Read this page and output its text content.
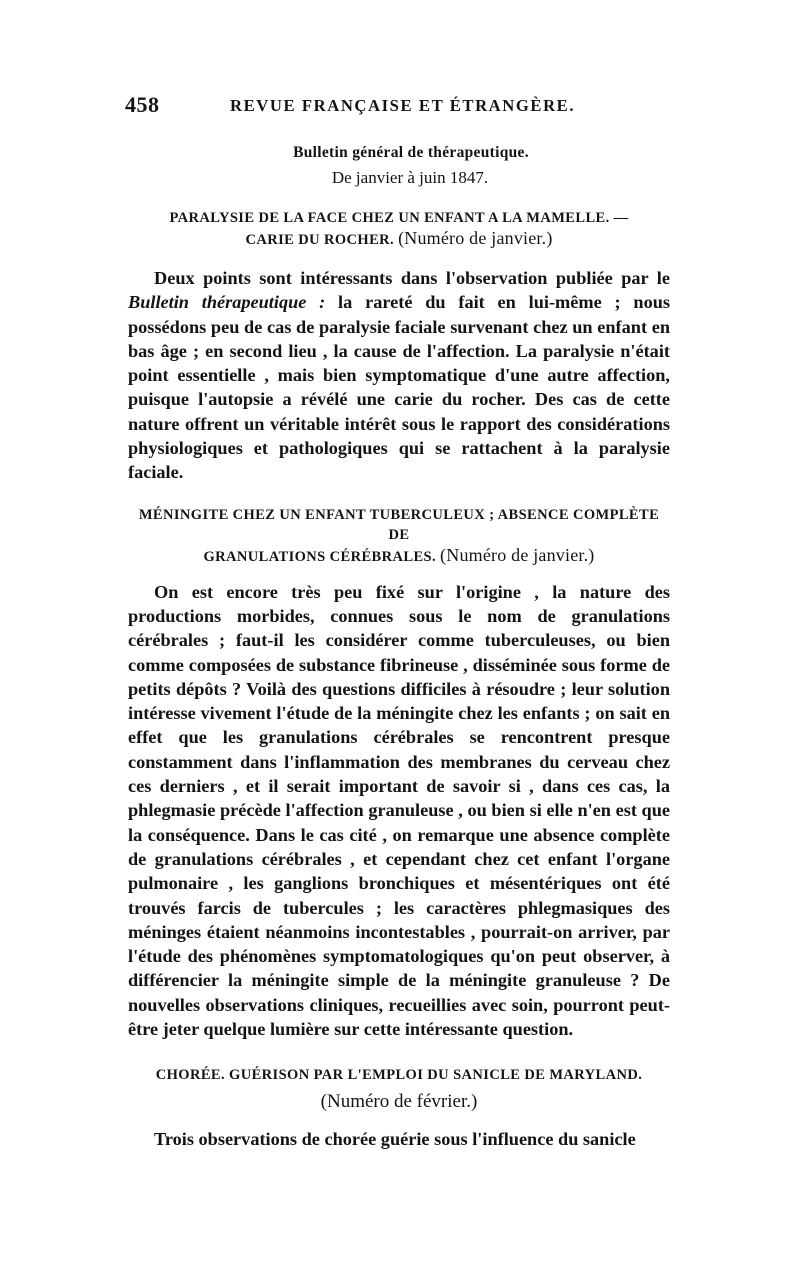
458	REVUE FRANÇAISE ET ÉTRANGÈRE.
Bulletin général de thérapeutique.
De janvier à juin 1847.
PARALYSIE DE LA FACE CHEZ UN ENFANT A LA MAMELLE. —
CARIE DU ROCHER. (Numéro de janvier.)

Deux points sont intéressants dans l'observation publiée par le Bulletin thérapeutique : la rareté du fait en lui-même ; nous possédons peu de cas de paralysie faciale survenant chez un enfant en bas âge ; en second lieu , la cause de l'affection. La paralysie n'était point essentielle , mais bien symptomatique d'une autre affection, puisque l'autopsie a révélé une carie du rocher. Des cas de cette nature offrent un véritable intérêt sous le rapport des considérations physiologiques et pathologiques qui se rattachent à la paralysie faciale.

MÉNINGITE CHEZ UN ENFANT TUBERCULEUX ; ABSENCE COMPLÈTE DE
GRANULATIONS CÉRÉBRALES. (Numéro de janvier.)

On est encore très peu fixé sur l'origine , la nature des productions morbides, connues sous le nom de granulations cérébrales ; faut-il les considérer comme tuberculeuses, ou bien comme composées de substance fibrineuse , disséminée sous forme de petits dépôts ? Voilà des questions difficiles à résoudre ; leur solution intéresse vivement l'étude de la méningite chez les enfants ; on sait en effet que les granulations cérébrales se rencontrent presque constamment dans l'inflammation des membranes du cerveau chez ces derniers , et il serait important de savoir si , dans ces cas, la phlegmasie précède l'affection granuleuse , ou bien si elle n'en est que la conséquence. Dans le cas cité , on remarque une absence complète de granulations cérébrales , et cependant chez cet enfant l'organe pulmonaire , les ganglions bronchiques et mésentériques ont été trouvés farcis de tubercules ; les caractères phlegmasiques des méninges étaient néanmoins incontestables , pourrait-on arriver, par l'étude des phénomènes symptomatologiques qu'on peut observer, à différencier la méningite simple de la méningite granuleuse ? De nouvelles observations cliniques, recueillies avec soin, pourront peut-être jeter quelque lumière sur cette intéressante question.

CHORÉE. GUÉRISON PAR L'EMPLOI DU SANICLE DE MARYLAND.
(Numéro de février.)

Trois observations de chorée guérie sous l'influence du sanicle
